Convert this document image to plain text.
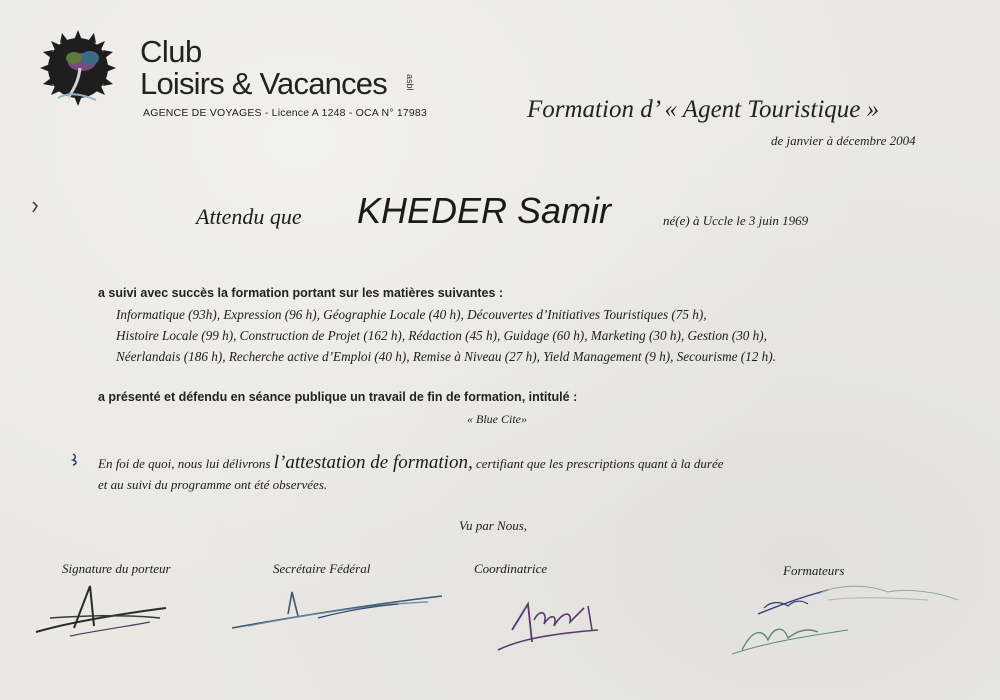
Club
Loisirs & Vacances asbl
AGENCE DE VOYAGES - Licence A 1248 - OCA N° 17983	Formation d’ « Agent Touristique »
de janvier à décembre 2004
Attendu que KHEDER Samir	né(e) à Uccle le 3 juin 1969
a suivi avec succès la formation portant sur les matières suivantes :
Informatique (93h), Expression (96 h), Géographie Locale (40 h), Découvertes d’Initiatives Touristiques (75 h),
Histoire Locale (99 h), Construction de Projet (162 h), Rédaction (45 h), Guidage (60 h), Marketing (30 h), Gestion (30 h),
Néerlandais (186 h), Recherche active d’Emploi (40 h), Remise à Niveau (27 h), Yield Management (9 h), Secourisme (12 h).
a présenté et défendu en séance publique un travail de fin de formation, intitulé :
« Blue Cite»
En foi de quoi, nous lui délivrons l’attestation de formation, certifiant que les prescriptions quant à la durée
et au suivi du programme ont été observées.
Vu par Nous,
Signature du porteur	Secrétaire Fédéral	Coordinatrice	Formateurs
